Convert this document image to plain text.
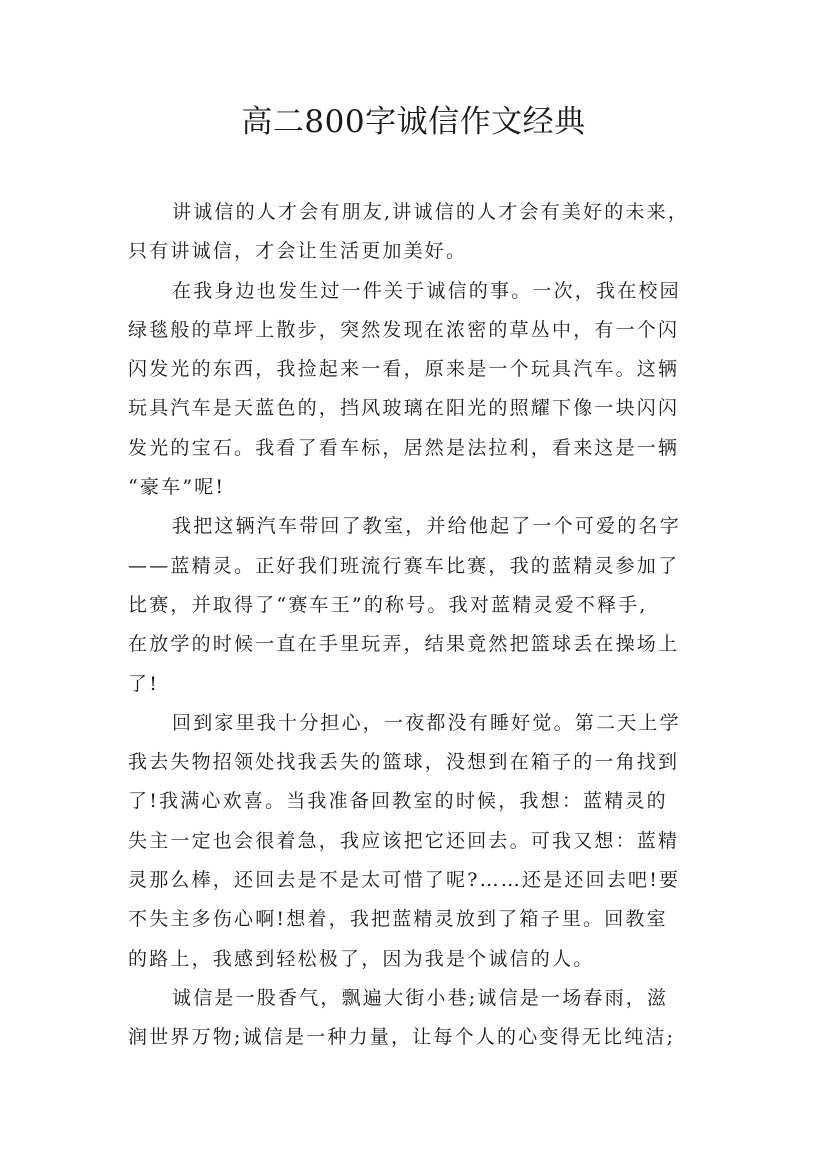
高二800字诚信作文经典
讲诚信的人才会有朋友,讲诚信的人才会有美好的未来，
只有讲诚信，才会让生活更加美好。
在我身边也发生过一件关于诚信的事。一次，我在校园
绿毯般的草坪上散步，突然发现在浓密的草丛中，有一个闪
闪发光的东西，我捡起来一看，原来是一个玩具汽车。这辆
玩具汽车是天蓝色的，挡风玻璃在阳光的照耀下像一块闪闪
发光的宝石。我看了看车标，居然是法拉利，看来这是一辆
“豪车”呢!
我把这辆汽车带回了教室，并给他起了一个可爱的名字
——蓝精灵。正好我们班流行赛车比赛，我的蓝精灵参加了
比赛，并取得了“赛车王”的称号。我对蓝精灵爱不释手,
在放学的时候一直在手里玩弄，结果竟然把篮球丢在操场上
了!
回到家里我十分担心，一夜都没有睡好觉。第二天上学
我去失物招领处找我丢失的篮球，没想到在箱子的一角找到
了!我满心欢喜。当我准备回教室的时候，我想：蓝精灵的
失主一定也会很着急，我应该把它还回去。可我又想：蓝精
灵那么棒，还回去是不是太可惜了呢?……还是还回去吧!要
不失主多伤心啊!想着，我把蓝精灵放到了箱子里。回教室
的路上，我感到轻松极了，因为我是个诚信的人。
诚信是一股香气，飘遍大街小巷;诚信是一场春雨，滋
润世界万物;诚信是一种力量，让每个人的心变得无比纯洁;
